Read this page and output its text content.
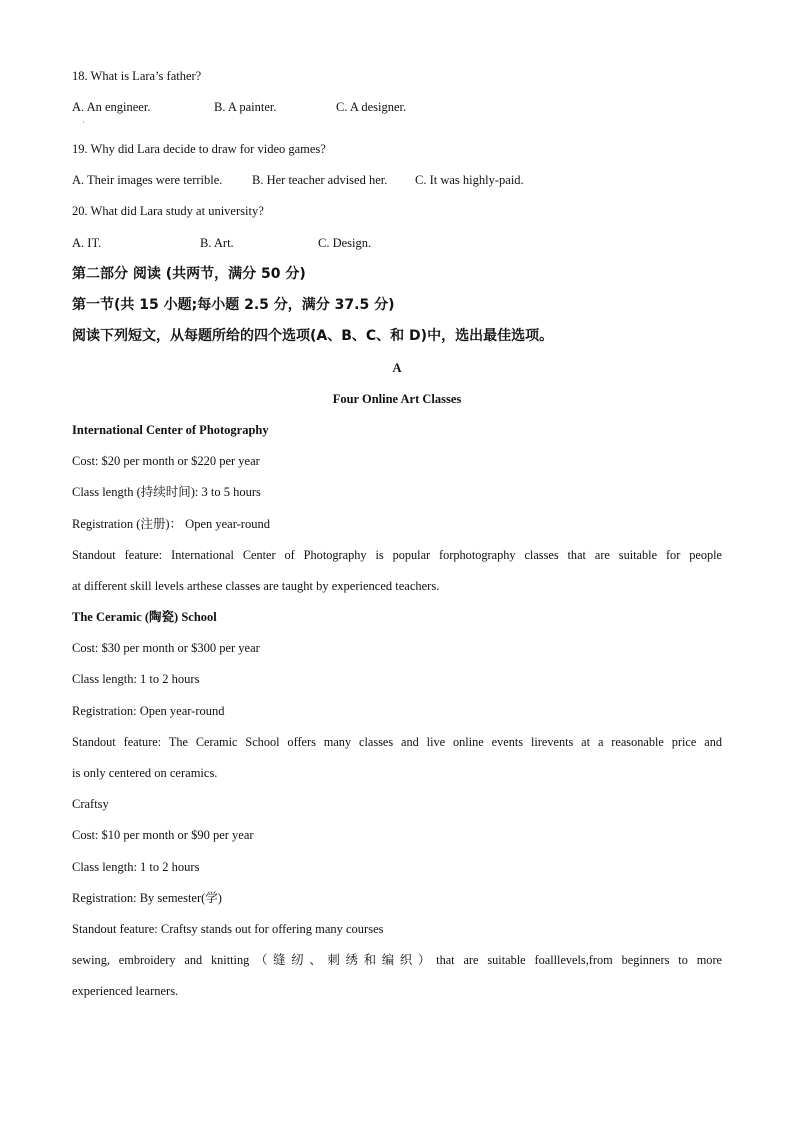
18. What is Lara’s father?
A. An engineer.	B. A painter.	C. A designer.
·
19. Why did Lara decide to draw for video games?
A. Their images were terrible. B. Her teacher advised her. C. It was highly-paid.
20. What did Lara study at university?
A. IT.	B. Art.	C. Design.
第二部分 阅读 (共两节，满分 50 分)
第一节(共 15 小题;每小题 2.5 分，满分 37.5 分)
阅读下列短文，从每题所给的四个选项(A、B、C、和 D)中，选出最佳选项。
A
Four Online Art Classes
International Center of Photography
Cost: $20 per month or $220 per year
Class length (持续时间): 3 to 5 hours
Registration (注册)： Open year-round
Standout feature: International Center of Photography is popular forphotography classes that are suitable for people
at different skill levels arthese classes are taught by experienced teachers.
The Ceramic (陶瓷) School
Cost: $30 per month or $300 per year
Class length: 1 to 2 hours
Registration: Open year-round
Standout feature: The Ceramic School offers many classes and live online events lirevents at a reasonable price and
is only centered on ceramics.
Craftsy
Cost: $10 per month or $90 per year
Class length: 1 to 2 hours
Registration: By semester(学)
Standout feature: Craftsy stands out for offering many courses
sewing, embroidery and knitting（缝纫、刺绣和编织）that are suitable foalllevels,from beginners to more
experienced learners.
